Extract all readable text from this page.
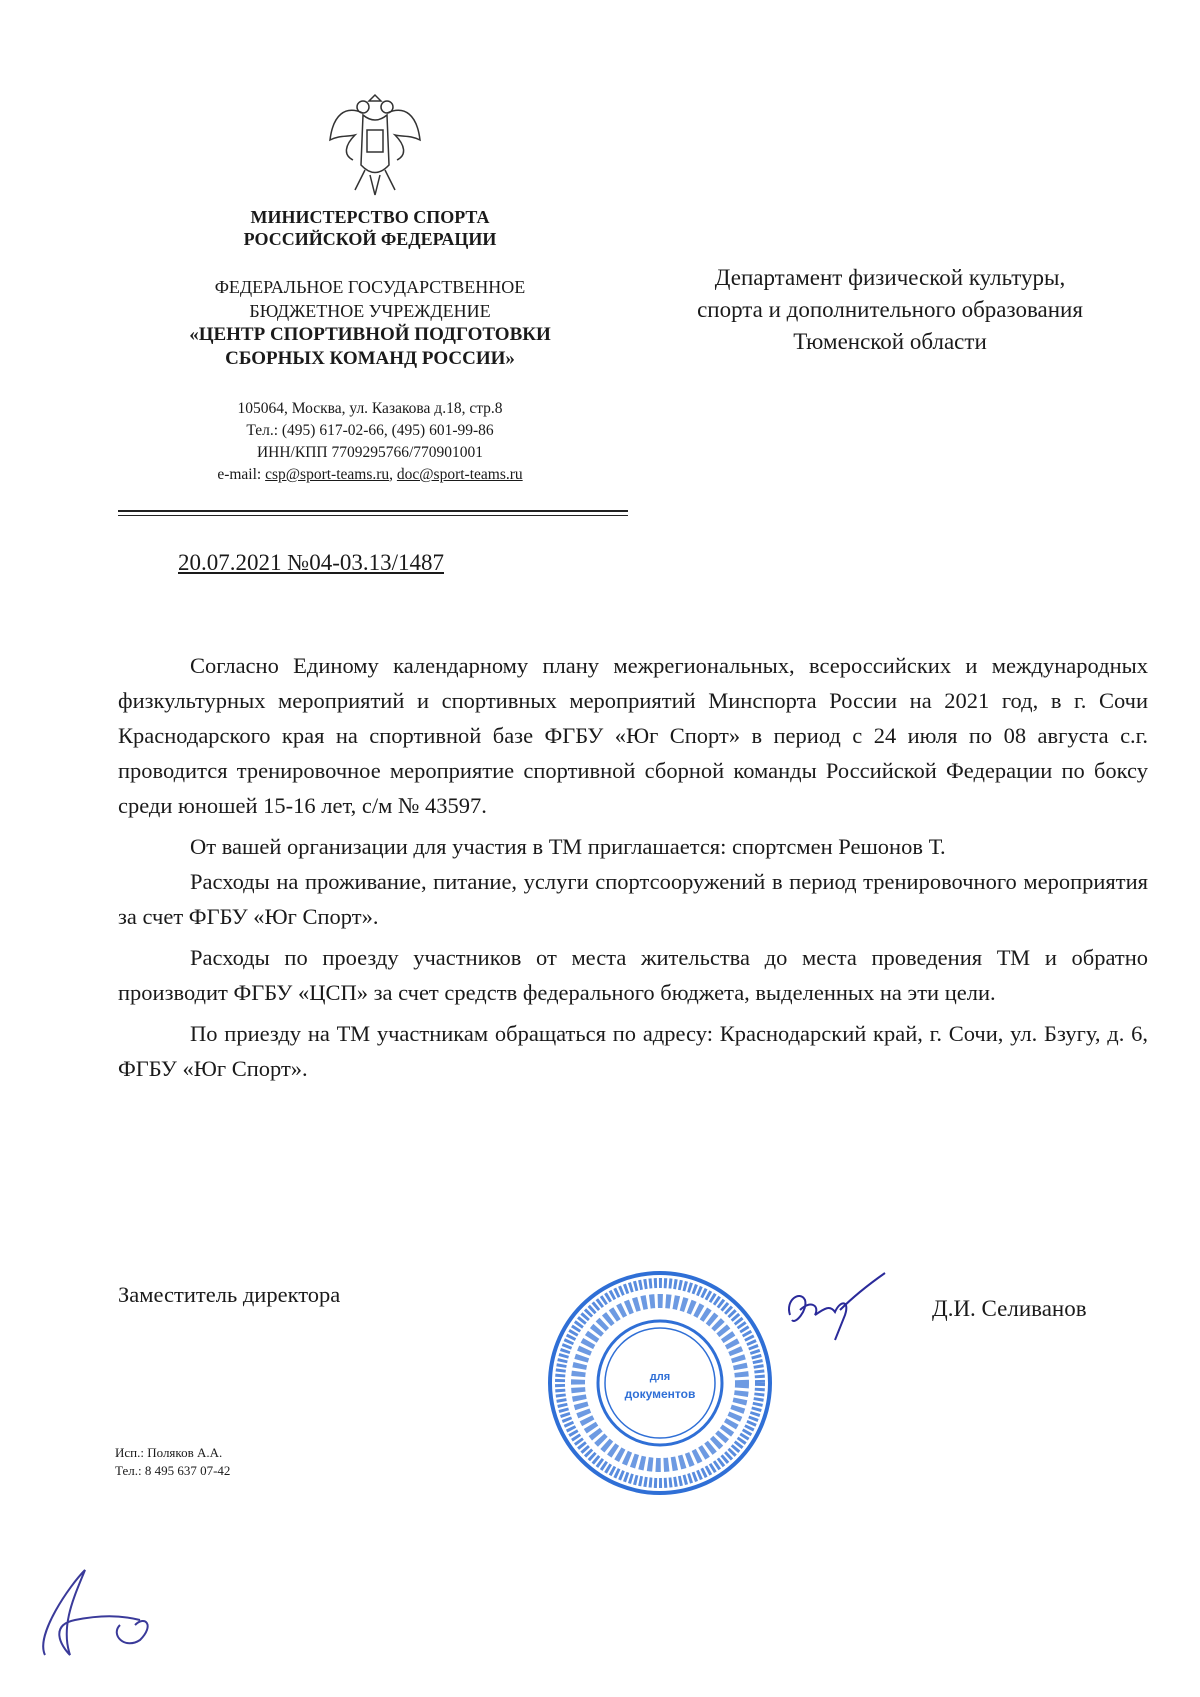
МИНИСТЕРСТВО СПОРТА
РОССИЙСКОЙ ФЕДЕРАЦИИ
ФЕДЕРАЛЬНОЕ ГОСУДАРСТВЕННОЕ
БЮДЖЕТНОЕ УЧРЕЖДЕНИЕ
«ЦЕНТР СПОРТИВНОЙ ПОДГОТОВКИ
СБОРНЫХ КОМАНД РОССИИ»
105064, Москва, ул. Казакова д.18, стр.8
Тел.: (495) 617-02-66, (495) 601-99-86
ИНН/КПП 7709295766/770901001
e-mail: csp@sport-teams.ru, doc@sport-teams.ru
Департамент физической культуры,
спорта и дополнительного образования
Тюменской области
20.07.2021 №04-03.13/1487

Согласно Единому календарному плану межрегиональных, всероссийских и международных физкультурных мероприятий и спортивных мероприятий Минспорта России на 2021 год, в г. Сочи Краснодарского края на спортивной базе ФГБУ «Юг Спорт» в период с 24 июля по 08 августа с.г. проводится тренировочное мероприятие спортивной сборной команды Российской Федерации по боксу среди юношей 15-16 лет, с/м № 43597.

От вашей организации для участия в ТМ приглашается: спортсмен Решонов Т.

Расходы на проживание, питание, услуги спортсооружений в период тренировочного мероприятия за счет ФГБУ «Юг Спорт».

Расходы по проезду участников от места жительства до места проведения ТМ и обратно производит ФГБУ «ЦСП» за счет средств федерального бюджета, выделенных на эти цели.

По приезду на ТМ участникам обращаться по адресу: Краснодарский край, г. Сочи, ул. Бзугу, д. 6, ФГБУ «Юг Спорт».

Заместитель директора
Д.И. Селиванов
для
документов
Исп.: Поляков А.А.
Тел.: 8 495 637 07-42
